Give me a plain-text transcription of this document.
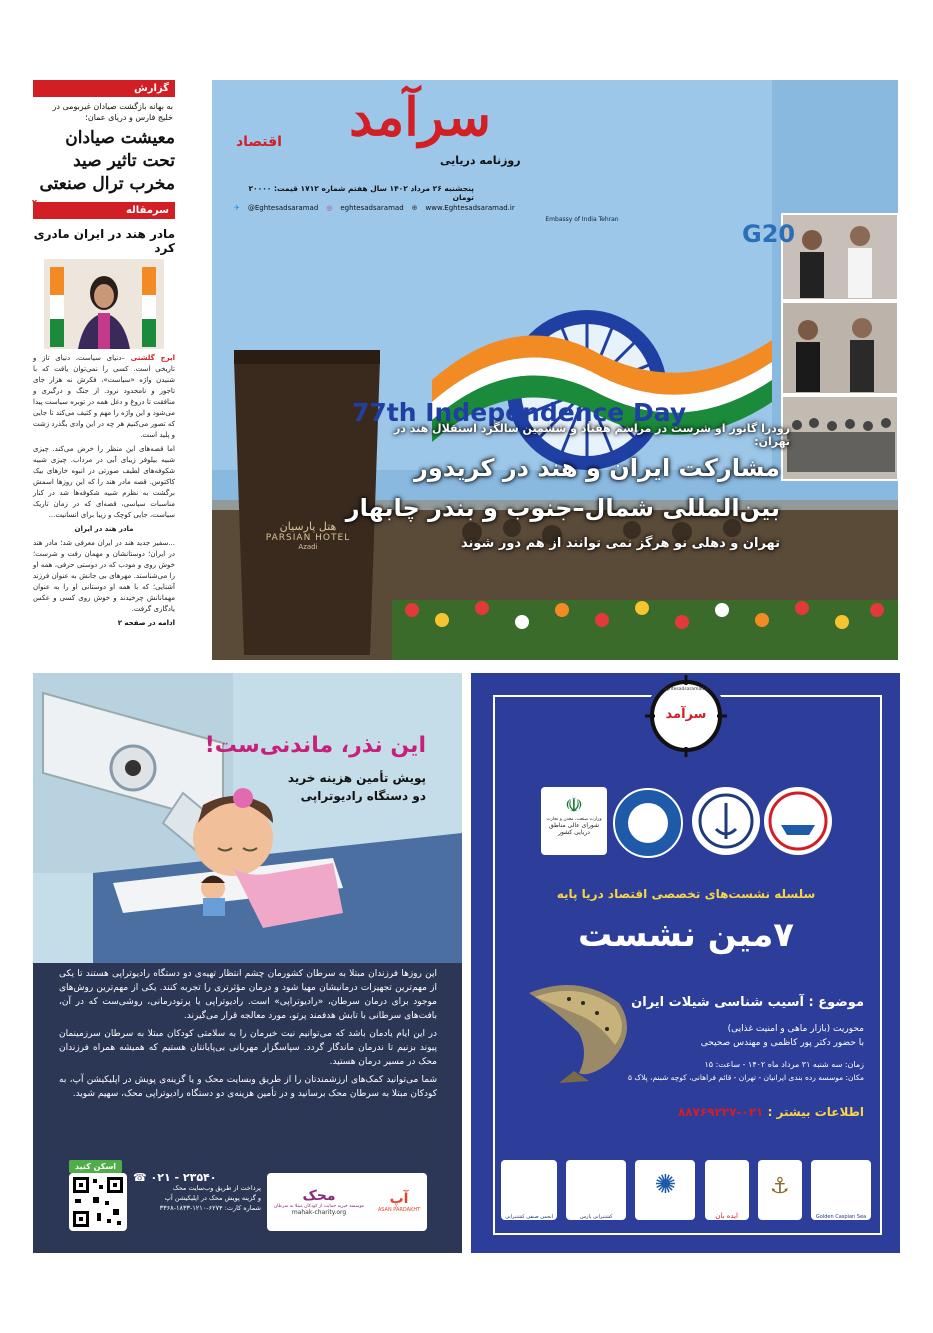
گزارش
به بهانه بازگشت صیادان غیربومی در خلیج فارس و دریای عمان؛
معیشت صیادان
تحت تاثیر صید
مخرب ترال صنعتی
سرمقاله
مادر هند در ایران مادری کرد
ایرج گلشنی –دنیای سیاست، دنیای تاز و تاریخی است. کسی را نمی‌توان یافت که با شنیدن واژه «سیاست»، فکرش نه هزار جای تاجور و نامحدود نرود. از جنگ و درگیری و منافقت تا دروغ و دغل همه در توبره سیاست پیدا می‌شود و این واژه را مهم و کثیف می‌کند تا جایی که تصور می‌کنیم هر چه در این وادی بگذرد زشت و پلید است.

اما قصه‌های این منظر را خرض می‌کند. چیزی شبیه بیلوفر زیبای آبی در مرداب. چیزی شبیه شکوفه‌های لطیف صورتی در انبوه خارهای بیک کاکتوس. قصه مادر هند را که این روزها اسمش برگشت به نظرم شبیه شکوفه‌ها شد در کنار مناسبات سیاسی، قصه‌ای که در زمان تاریک سیاست، جایی کوچک و زیبا برای انسانیت...

مادر هند در ایران

...سفیر جدید هند در ایران معرفی شد؛ مادر هند در ایران؛ دوستانشان و مهمان رفت و شرست؛ خوش روی و مودب که در دوستی حرفی، همه او را می‌شناسند. مهرهای بی جانش به عنوان فرزند آشنایی؛ که با همه او دوستانی او را به عنوان مهمانانش چرخیدند و خوش روی کسی و عکس یادگاری گرفت.

ادامه در صفحه ۲
۲
سرآمد
اقتصاد
روزنامه دریایی
پنجشنبه ۲۶ مرداد ۱۴۰۲ سال هفتم شماره ۱۷۱۲ قیمت: ۲۰۰۰۰ تومان
✈ @Eghtesadsaramad ◎ eghtesadsaramad ⊕ www.Eghtesadsaramad.ir
Embassy of India Tehran
G20
77th Independence Day
هتل پارسیان
PARSIAN HOTEL
Azadi
رودرا گانور او شرست در مراسم هفتاد و ششمین سالگرد استقلال هند در تهران:
مشارکت ایران و هند در کریدور
بین‌المللی شمال–جنوب و بندر چابهار
تهران و دهلی نو هرگز نمی توانند از هم دور شوند
این نذر، ماندنی‌ست!
پویش تأمین هزینه خرید
دو دستگاه رادیوتراپی

این روزها فرزندان مبتلا به سرطان کشورمان چشم انتظار تهیه‌ی دو دستگاه رادیوتراپی هستند تا یکی از مهم‌ترین تجهیزات درمانیشان مهیا شود و درمان مؤثرتری را تجربه کنند. یکی از مهم‌ترین روش‌های موجود برای درمان سرطان، «رادیوتراپی» است. رادیوتراپی یا پرتودرمانی، روشی‌ست که در آن، بافت‌های سرطانی با تابش هدفمند پرتو، مورد معالجه قرار می‌گیرند.

در این ایام یادمان باشد که می‌توانیم نیت خیرمان را به سلامتی کودکان مبتلا به سرطان سرزمینمان پیوند بزنیم تا ندرمان ماندگار گردد. سپاسگزار مهربانی بی‌پایانتان هستیم که همیشه همراه فرزندان محک در مسیر درمان هستید.

شما می‌توانید کمک‌های ارزشمندتان را از طریق وبسایت محک و یا گزینه‌ی پویش در اپلیکیشن آپ، به کودکان مبتلا به سرطان محک برسانید و در تأمین هزینه‌ی دو دستگاه رادیوتراپی محک، سهیم شوید.

اسکن کنید
☎ ۰۲۱ - ۲۳۵۴۰
پرداخت از طریق وب‌سایت محک
و گزینه پویش محک در اپلیکیشن آپ
شماره کارت: ۶۲۷۴-۱۲۱۰-۱۸۳۳-۳۳۶۸
آپ
ASAN PARDAKHT
محک
موسسه خیریه حمایت از کودکان مبتلا به سرطان
mahak-charity.org
سرآمد
eghtesadsaramad.ir
☫
وزارت صنعت، معدن و تجارت
شورای عالی مناطق دریایی کشور
سلسله نشست‌های تخصصی اقتصاد دریا پایه
۷مین نشست
موضوع : آسیب شناسی شیلات ایران
محوریت (بازار ماهی و امنیت غذایی)
با حضور دکتر پور کاظمی و مهندس صحیحی
زمان: سه شنبه ۳۱ مرداد ماه ۱۴۰۲ - ساعت: ۱۵
مکان: موسسه رده بندی ایرانیان - تهران - قائم فراهانی، کوچه شبنم، پلاک ۵
اطلاعات بیشتر : ۰۲۱-۸۸۷۶۹۲۲۷
Golden Caspian Sea
⚓
ایده بان
✺
کشتیرانی پارس
انجمن صنفی کشتیرانی
